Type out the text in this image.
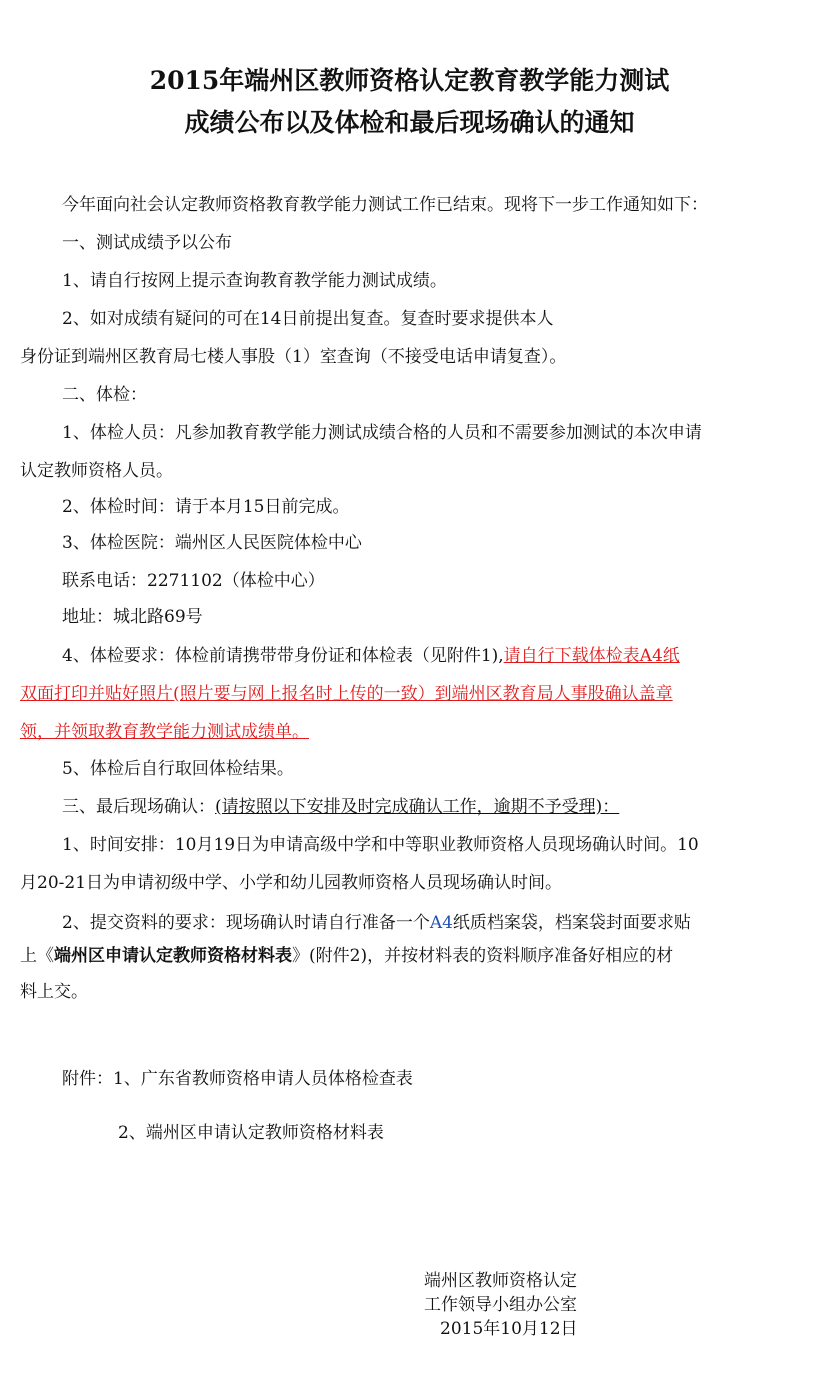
2015年端州区教师资格认定教育教学能力测试
成绩公布以及体检和最后现场确认的通知

今年面向社会认定教师资格教育教学能力测试工作已结束。现将下一步工作通知如下：

一、测试成绩予以公布

1、请自行按网上提示查询教育教学能力测试成绩。

2、如对成绩有疑问的可在14日前提出复查。复查时要求提供本人

身份证到端州区教育局七楼人事股（1）室查询（不接受电话申请复查）。

二、体检：

1、体检人员：凡参加教育教学能力测试成绩合格的人员和不需要参加测试的本次申请

认定教师资格人员。

2、体检时间：请于本月15日前完成。

3、体检医院：端州区人民医院体检中心

联系电话：2271102（体检中心）

地址：城北路69号

4、体检要求：体检前请携带带身份证和体检表（见附件1),请自行下载体检表A4纸

双面打印并贴好照片(照片要与网上报名时上传的一致）到端州区教育局人事股确认盖章

领，并领取教育教学能力测试成绩单。

5、体检后自行取回体检结果。

三、最后现场确认：(请按照以下安排及时完成确认工作，逾期不予受理)：

1、时间安排：10月19日为申请高级中学和中等职业教师资格人员现场确认时间。10

月20-21日为申请初级中学、小学和幼儿园教师资格人员现场确认时间。

2、提交资料的要求：现场确认时请自行准备一个A4纸质档案袋，档案袋封面要求贴

上《端州区申请认定教师资格材料表》(附件2)，并按材料表的资料顺序准备好相应的材

料上交。

附件：1、广东省教师资格申请人员体格检查表

2、端州区申请认定教师资格材料表

端州区教师资格认定
工作领导小组办公室
2015年10月12日
